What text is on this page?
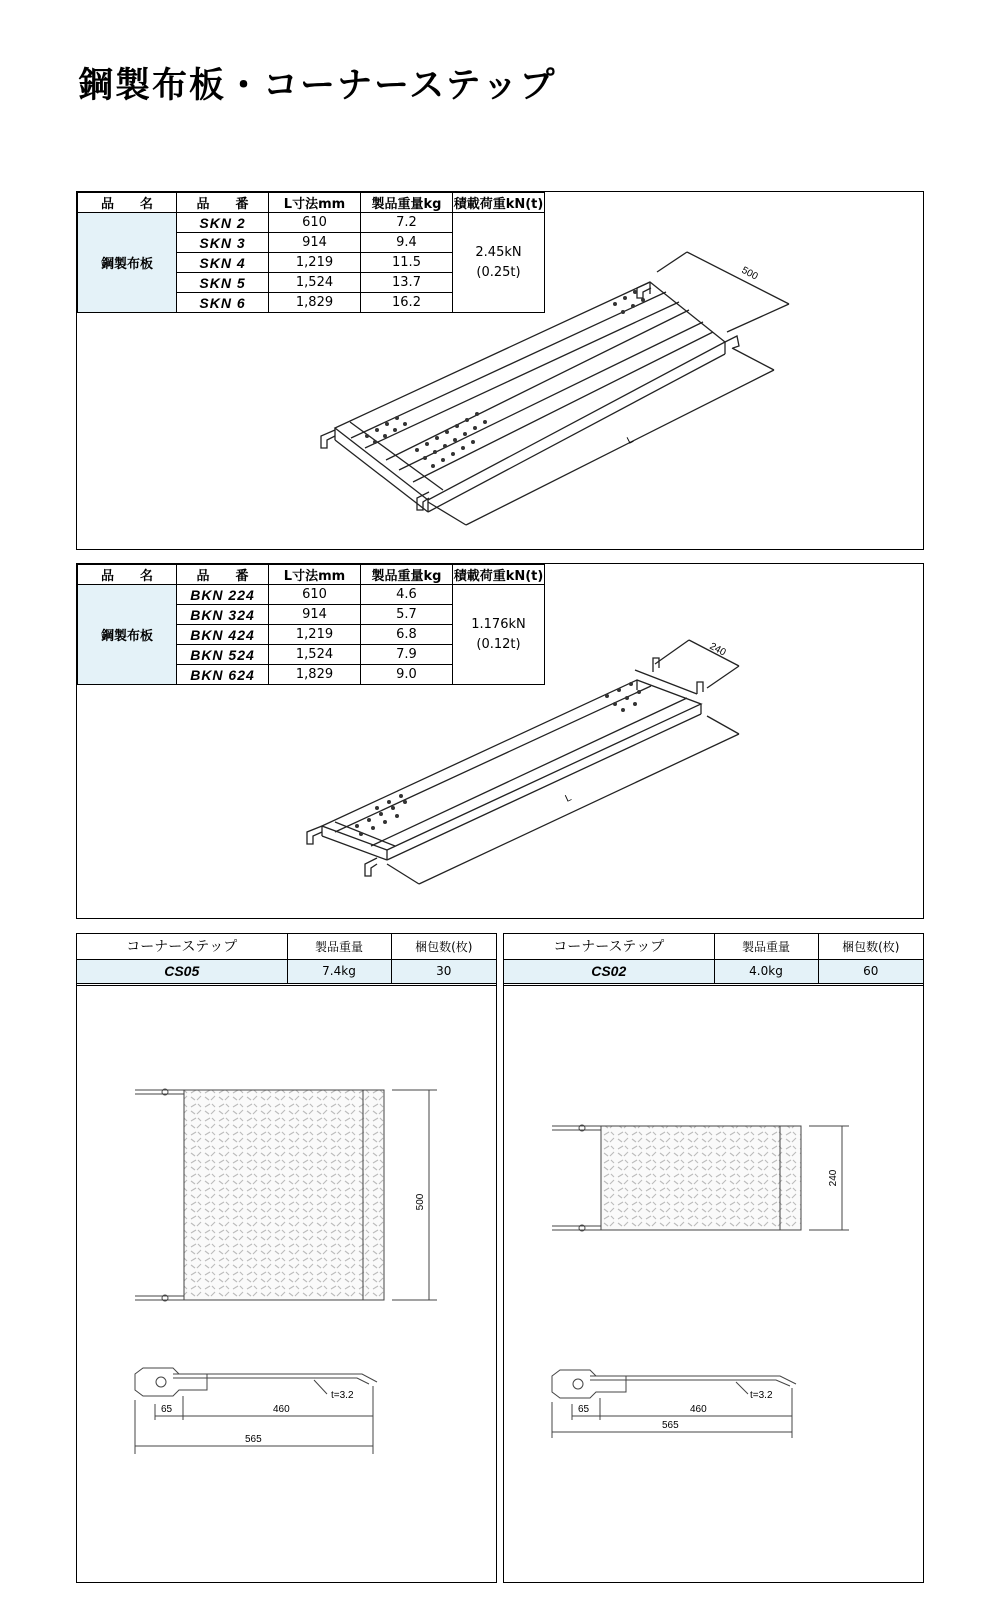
鋼製布板・コーナーステップ
品　　名	品　　番	L寸法mm	製品重量kg	積載荷重kN(t)
鋼製布板	SKN 2	610	7.2	2.45kN
(0.25t)

	SKN 3	914	9.4	
	SKN 4	1,219	11.5	
	SKN 5	1,524	13.7	
	SKN 6	1,829	16.2	
500
L
品　　名	品　　番	L寸法mm	製品重量kg	積載荷重kN(t)
鋼製布板	BKN 224	610	4.6	1.176kN
(0.12t)

	BKN 324	914	5.7	
	BKN 424	1,219	6.8	
	BKN 524	1,524	7.9	
	BKN 624	1,829	9.0	
240
L
コーナーステップ	製品重量	梱包数(枚)
CS05	7.4kg	30
500
t=3.2
65	460
565
コーナーステップ	製品重量	梱包数(枚)
CS02	4.0kg	60
240
t=3.2
65	460
565
